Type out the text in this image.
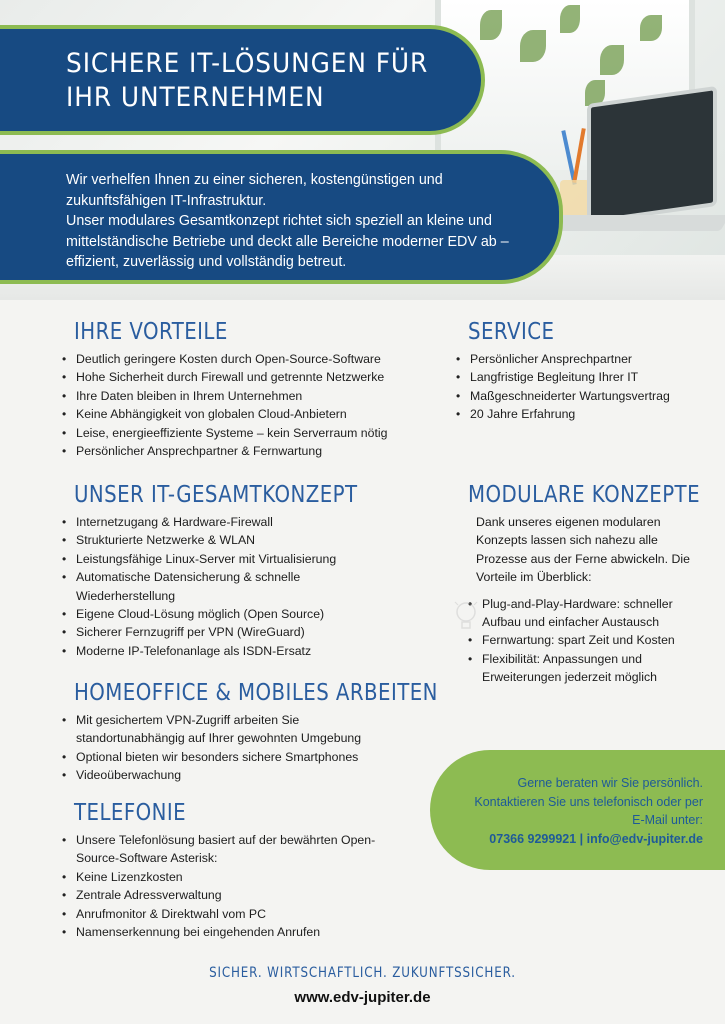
SICHERE IT-LÖSUNGEN FÜR
IHR UNTERNEHMEN

Wir verhelfen Ihnen zu einer sicheren, kostengünstigen und zukunftsfähigen IT-Infrastruktur.

Unser modulares Gesamtkonzept richtet sich speziell an kleine und mittelständische Betriebe und deckt alle Bereiche moderner EDV ab – effizient, zuverlässig und vollständig betreut.

IHRE VORTEILE
• Deutlich geringere Kosten durch Open-Source-Software
• Hohe Sicherheit durch Firewall und getrennte Netzwerke
• Ihre Daten bleiben in Ihrem Unternehmen
• Keine Abhängigkeit von globalen Cloud-Anbietern
• Leise, energieeffiziente Systeme – kein Serverraum nötig
• Persönlicher Ansprechpartner & Fernwartung
SERVICE
• Persönlicher Ansprechpartner
• Langfristige Begleitung Ihrer IT
• Maßgeschneiderter Wartungsvertrag
• 20 Jahre Erfahrung
UNSER IT-GESAMTKONZEPT
• Internetzugang & Hardware-Firewall
• Strukturierte Netzwerke & WLAN
• Leistungsfähige Linux-Server mit Virtualisierung
• Automatische Datensicherung & schnelle Wiederherstellung
• Eigene Cloud-Lösung möglich (Open Source)
• Sicherer Fernzugriff per VPN (WireGuard)
• Moderne IP-Telefonanlage als ISDN-Ersatz
MODULARE KONZEPTE

Dank unseres eigenen modularen Konzepts lassen sich nahezu alle Prozesse aus der Ferne abwickeln. Die Vorteile im Überblick:

• Plug-and-Play-Hardware: schneller Aufbau und einfacher Austausch
• Fernwartung: spart Zeit und Kosten
• Flexibilität: Anpassungen und Erweiterungen jederzeit möglich
HOMEOFFICE & MOBILES ARBEITEN
• Mit gesichertem VPN-Zugriff arbeiten Sie standortunabhängig auf Ihrer gewohnten Umgebung
• Optional bieten wir besonders sichere Smartphones
• Videoüberwachung
TELEFONIE
• Unsere Telefonlösung basiert auf der bewährten Open-Source-Software Asterisk:
• Keine Lizenzkosten
• Zentrale Adressverwaltung
• Anrufmonitor & Direktwahl vom PC
• Namenserkennung bei eingehenden Anrufen
Gerne beraten wir Sie persönlich.
Kontaktieren Sie uns telefonisch oder per
E-Mail unter:
07366 9299921 | info@edv-jupiter.de
SICHER. WIRTSCHAFTLICH. ZUKUNFTSSICHER.
www.edv-jupiter.de
